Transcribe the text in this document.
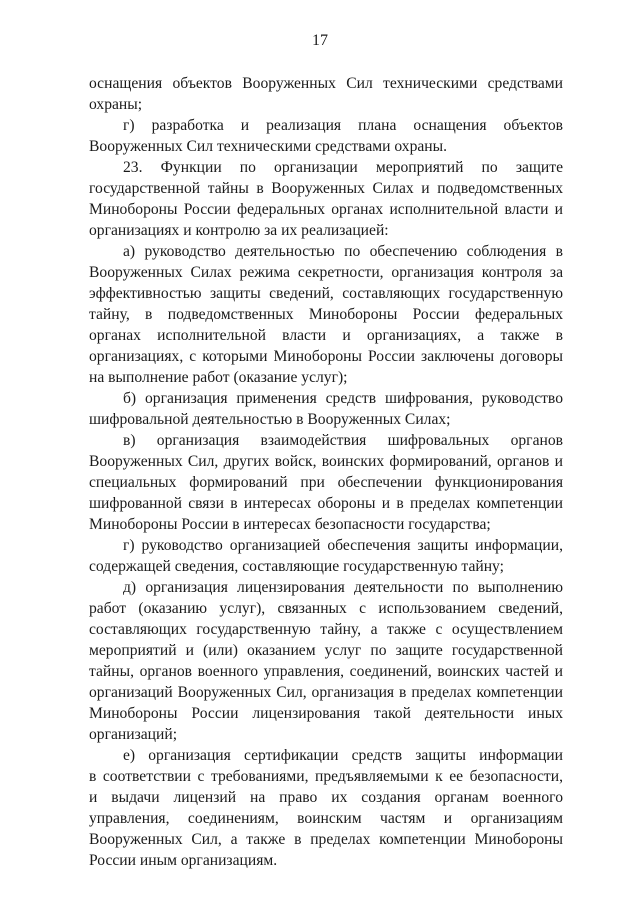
17
оснащения объектов Вооруженных Сил техническими средствами
охраны;
г) разработка и реализация плана оснащения объектов
Вооруженных Сил техническими средствами охраны.
23. Функции по организации мероприятий по защите
государственной тайны в Вооруженных Силах и подведомственных
Минобороны России федеральных органах исполнительной власти и
организациях и контролю за их реализацией:
а) руководство деятельностью по обеспечению соблюдения в
Вооруженных Силах режима секретности, организация контроля за
эффективностью защиты сведений, составляющих государственную
тайну, в подведомственных Минобороны России федеральных
органах исполнительной власти и организациях, а также в
организациях, с которыми Минобороны России заключены договоры
на выполнение работ (оказание услуг);
б) организация применения средств шифрования, руководство
шифровальной деятельностью в Вооруженных Силах;
в) организация взаимодействия шифровальных органов
Вооруженных Сил, других войск, воинских формирований, органов и
специальных формирований при обеспечении функционирования
шифрованной связи в интересах обороны и в пределах компетенции
Минобороны России в интересах безопасности государства;
г) руководство организацией обеспечения защиты информации,
содержащей сведения, составляющие государственную тайну;
д) организация лицензирования деятельности по выполнению
работ (оказанию услуг), связанных с использованием сведений,
составляющих государственную тайну, а также с осуществлением
мероприятий и (или) оказанием услуг по защите государственной
тайны, органов военного управления, соединений, воинских частей и
организаций Вооруженных Сил, организация в пределах компетенции
Минобороны России лицензирования такой деятельности иных
организаций;
е) организация сертификации средств защиты информации
в соответствии с требованиями, предъявляемыми к ее безопасности,
и выдачи лицензий на право их создания органам военного
управления, соединениям, воинским частям и организациям
Вооруженных Сил, а также в пределах компетенции Минобороны
России иным организациям.
